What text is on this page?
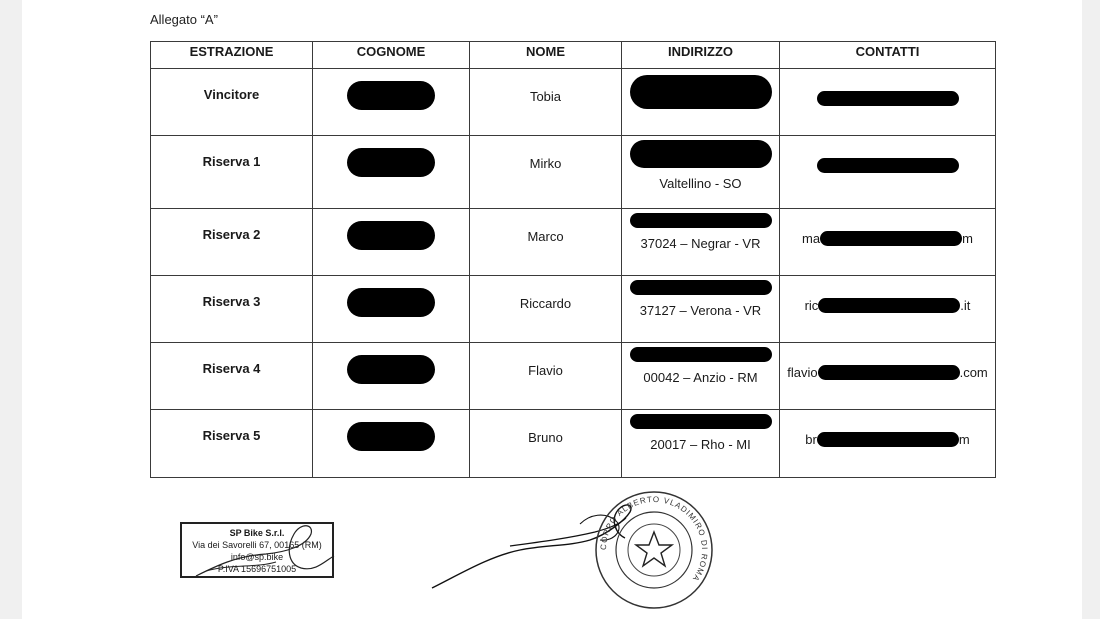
Allegato “A”
ESTRAZIONE	COGNOME	NOME	INDIRIZZO	CONTATTI
Vincitore		Tobia	

Riserva 1		Mirko	Valtellino - SO	

Riserva 2		Marco	37024 – Negrar - VR	ma m

Riserva 3		Riccardo	37127 – Verona - VR	ric .it

Riserva 4		Flavio	00042 – Anzio - RM	flavio .com

Riserva 5		Bruno	20017 – Rho - MI	br m
SP Bike S.r.l.
Via dei Savorelli 67, 00165 (RM)
info@sp.bike
P.IVA 15696751005
CORPO ALBERTO VLADIMIRO DI ROMA
